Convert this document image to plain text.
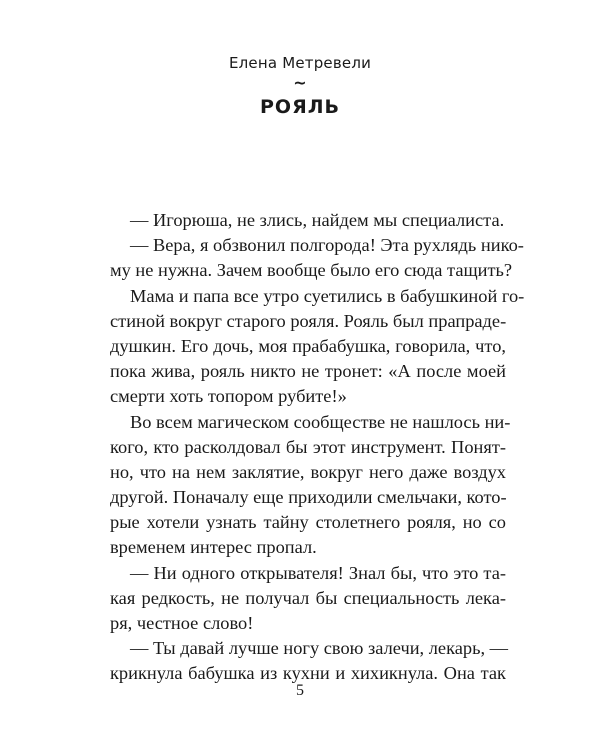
Елена Метревели
~
РОЯЛЬ
— Игорюша, не злись, найдем мы специалиста.
— Вера, я обзвонил полгорода! Эта рухлядь нико-
му не нужна. Зачем вообще было его сюда тащить?
Мама и папа все утро суетились в бабушкиной го-
стиной вокруг старого рояля. Рояль был прапраде-
душкин. Его дочь, моя прабабушка, говорила, что,
пока жива, рояль никто не тронет: «А после моей
смерти хоть топором рубите!»
Во всем магическом сообществе не нашлось ни-
кого, кто расколдовал бы этот инструмент. Понят-
но, что на нем заклятие, вокруг него даже воздух
другой. Поначалу еще приходили смельчаки, кото-
рые хотели узнать тайну столетнего рояля, но со
временем интерес пропал.
— Ни одного открывателя! Знал бы, что это та-
кая редкость, не получал бы специальность лека-
ря, честное слово!
— Ты давай лучше ногу свою залечи, лекарь, —
крикнула бабушка из кухни и хихикнула. Она так
5
